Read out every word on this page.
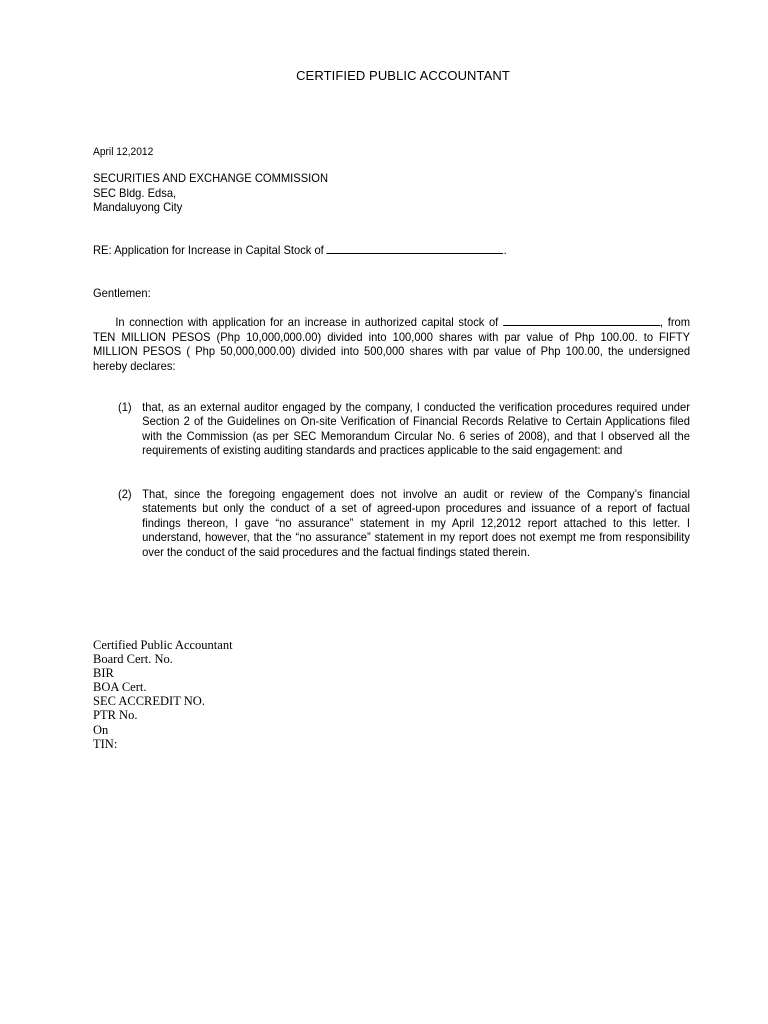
CERTIFIED PUBLIC ACCOUNTANT
April 12,2012
SECURITIES AND EXCHANGE COMMISSION
SEC Bldg. Edsa,
Mandaluyong City
RE: Application for Increase in Capital Stock of	.
Gentlemen:
In connection with application for an increase in authorized capital stock of	, from TEN MILLION PESOS (Php 10,000,000.00) divided into 100,000 shares with par value of Php 100.00. to FIFTY MILLION PESOS ( Php 50,000,000.00) divided into 500,000 shares with par value of Php 100.00, the undersigned hereby declares:
(1) that, as an external auditor engaged by the company, I conducted the verification procedures required under Section 2 of the Guidelines on On-site Verification of Financial Records Relative to Certain Applications filed with the Commission (as per SEC Memorandum Circular No. 6 series of 2008), and that I observed all the requirements of existing auditing standards and practices applicable to the said engagement: and
(2) That, since the foregoing engagement does not involve an audit or review of the Company’s financial statements but only the conduct of a set of agreed-upon procedures and issuance of a report of factual findings thereon, I gave “no assurance” statement in my April 12,2012 report attached to this letter. I understand, however, that the “no assurance” statement in my report does not exempt me from responsibility over the conduct of the said procedures and the factual findings stated therein.
Certified Public Accountant
Board Cert. No.
BIR
BOA Cert.
SEC ACCREDIT NO.
PTR No.
On
TIN:
